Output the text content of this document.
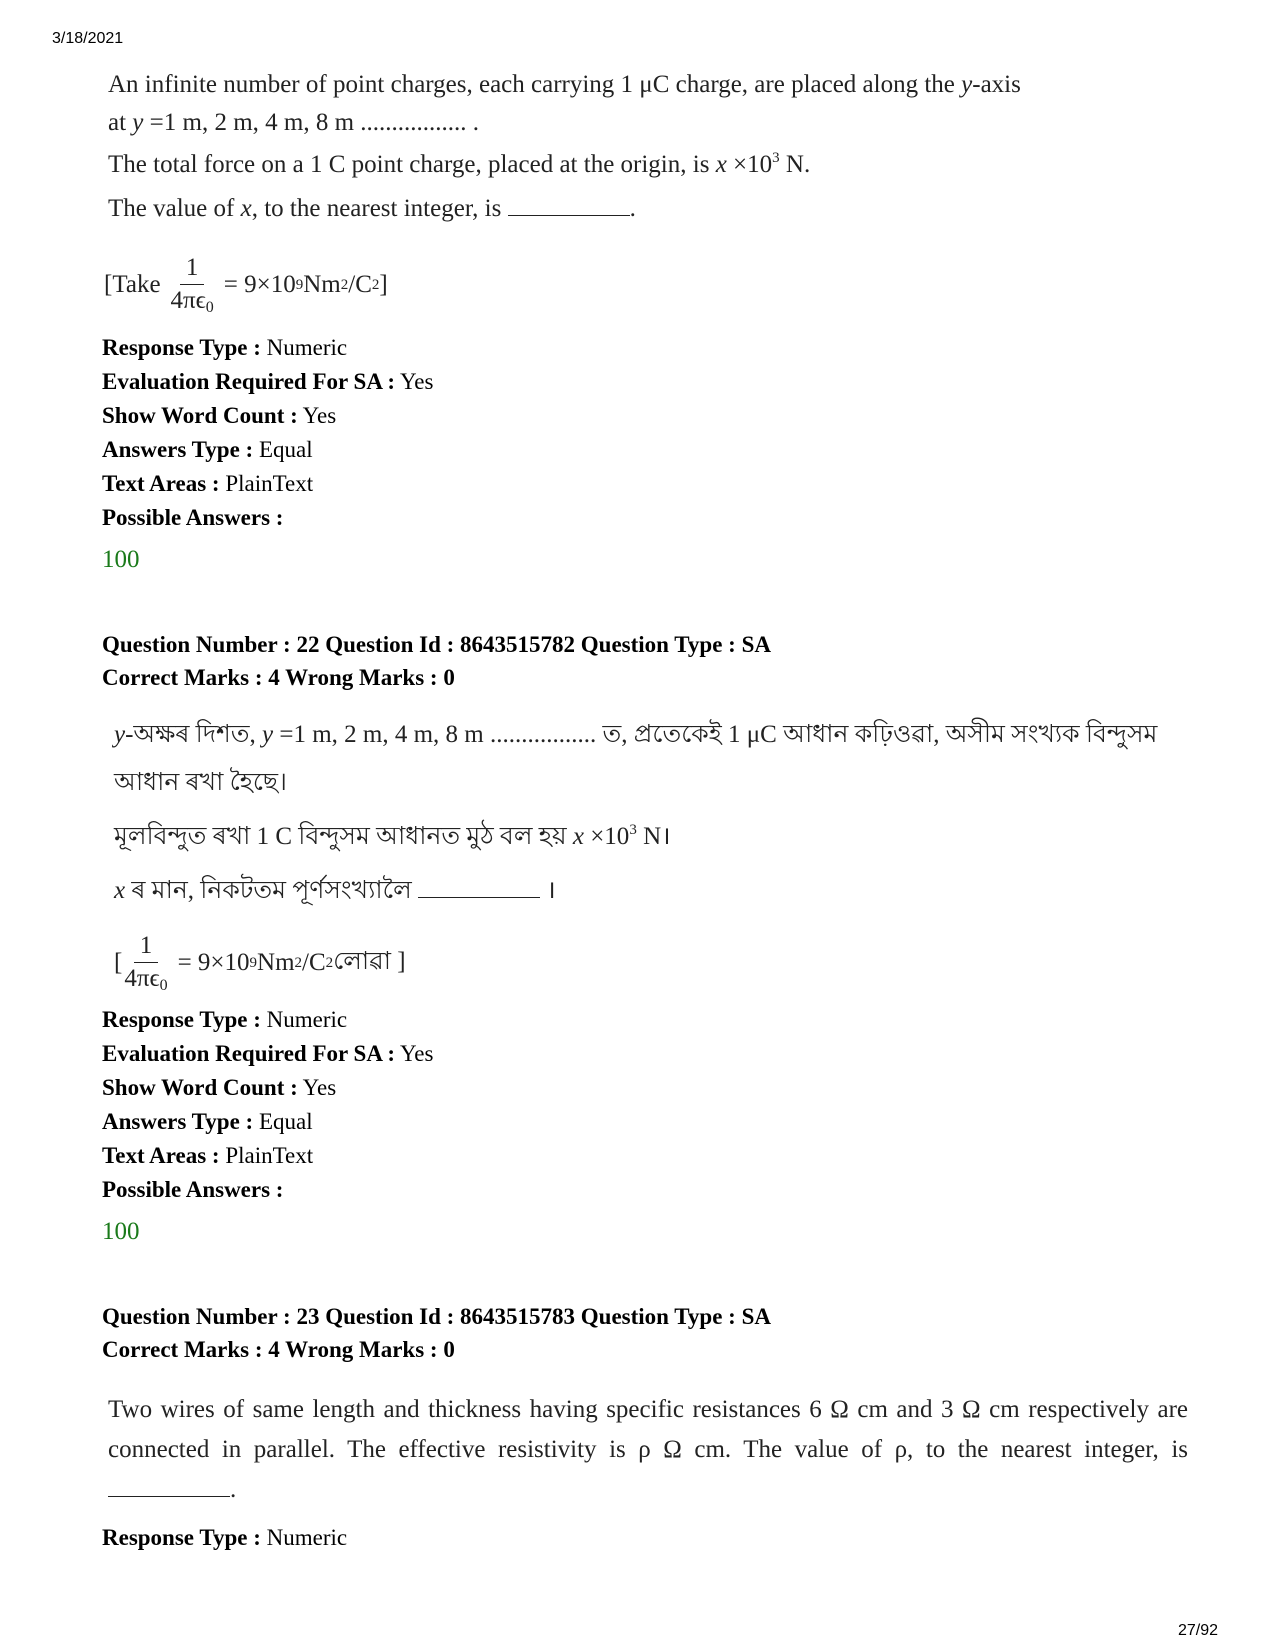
3/18/2021
An infinite number of point charges, each carrying 1 μC charge, are placed along the y-axis
at y =1 m, 2 m, 4 m, 8 m ................. .
The total force on a 1 C point charge, placed at the origin, is $x \times 10^3$ N.
The value of x, to the nearest integer, is	.
[Take $\frac{1}{4\pi\epsilon_0} = 9\times 10$ 9 Nm 2 /C 2 ]
Response Type : Numeric
Evaluation Required For SA : Yes
Show Word Count : Yes
Answers Type : Equal
Text Areas : PlainText
Possible Answers :
100
Question Number : 22 Question Id : 8643515782 Question Type : SA
Correct Marks : 4 Wrong Marks : 0
y-অক্ষৰ দিশত, y =1 m, 2 m, 4 m, 8 m ................. ত, প্ৰতেকেই 1 μC আধান কঢ়িওৱা, অসীম সংখ্যক বিন্দুসম
আধান ৰখা হৈছে।
মূলবিন্দুত ৰখা 1 C বিন্দুসম আধানত মুঠ বল হয় $x \times 10^3$ N।
x ৰ মান, নিকটতম পূৰ্ণসংখ্যালৈ	।
[ $\frac{1}{4\pi\epsilon_0} = 9\times 10$ 9 Nm 2 /C 2 লোৱা ]
Response Type : Numeric
Evaluation Required For SA : Yes
Show Word Count : Yes
Answers Type : Equal
Text Areas : PlainText
Possible Answers :
100
Question Number : 23 Question Id : 8643515783 Question Type : SA
Correct Marks : 4 Wrong Marks : 0
Two wires of same length and thickness having specific resistances 6 Ω cm and 3 Ω cm respectively are connected in parallel. The effective resistivity is ρ Ω cm. The value of ρ, to the nearest integer, is .
Response Type : Numeric
27/92
